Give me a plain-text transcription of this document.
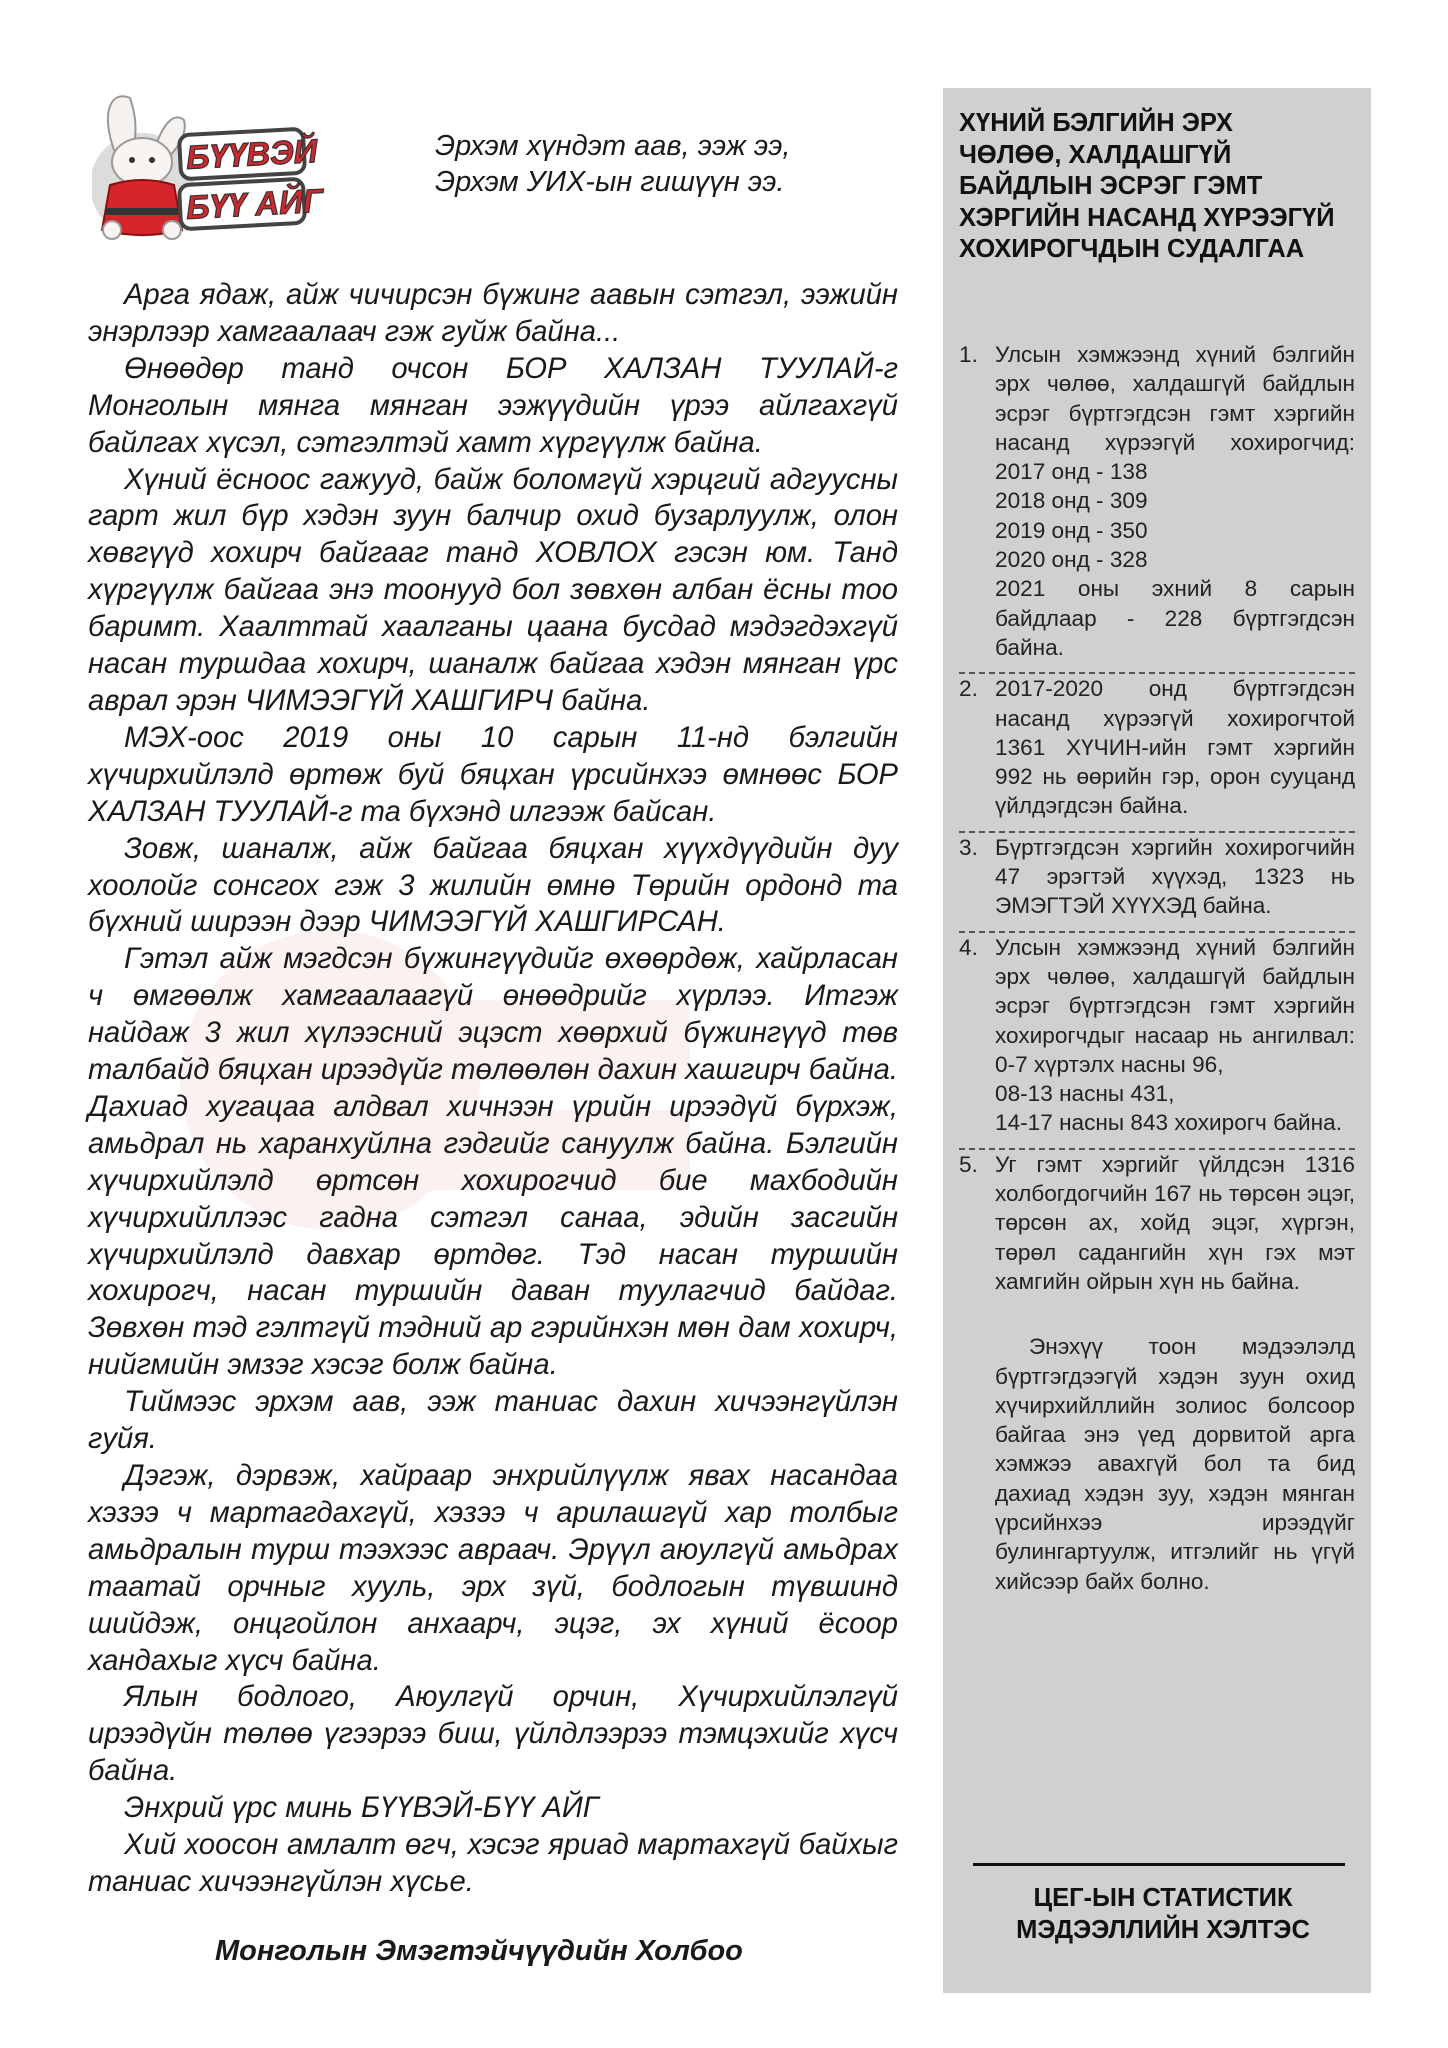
БҮҮВЭЙ
БҮҮ АЙГ
Эрхэм хүндэт аав, ээж ээ,
Эрхэм УИХ-ын гишүүн ээ.

Арга ядаж, айж чичирсэн бүжинг аавын сэтгэл, ээжийн энэрлээр хамгаалаач гэж гуйж байна...

Өнөөдөр танд очсон БОР ХАЛЗАН ТУУЛАЙ-г Монголын мянга мянган ээжүүдийн үрээ айлгахгүй байлгах хүсэл, сэтгэлтэй хамт хүргүүлж байна.

Хүний ёсноос гажууд, байж боломгүй хэрцгий адгуусны гарт жил бүр хэдэн зуун балчир охид бузарлуулж, олон хөвгүүд хохирч байгааг танд ХОВЛОХ гэсэн юм. Танд хүргүүлж байгаа энэ тоонууд бол зөвхөн албан ёсны тоо баримт. Хаалттай хаалганы цаана бусдад мэдэгдэхгүй насан туршдаа хохирч, шаналж байгаа хэдэн мянган үрс аврал эрэн ЧИМЭЭГҮЙ ХАШГИРЧ байна.

МЭХ-оос 2019 оны 10 сарын 11-нд бэлгийн хүчирхийлэлд өртөж буй бяцхан үрсийнхээ өмнөөс БОР ХАЛЗАН ТУУЛАЙ-г та бүхэнд илгээж байсан.

Зовж, шаналж, айж байгаа бяцхан хүүхдүүдийн дуу хоолойг сонсгох гэж 3 жилийн өмнө Төрийн ордонд та бүхний ширээн дээр ЧИМЭЭГҮЙ ХАШГИРСАН.

Гэтэл айж мэгдсэн бүжингүүдийг өхөөрдөж, хайрласан ч өмгөөлж хамгаалаагүй өнөөдрийг хүрлээ. Итгэж найдаж 3 жил хүлээсний эцэст хөөрхий бүжингүүд төв талбайд бяцхан ирээдүйг төлөөлөн дахин хашгирч байна. Дахиад хугацаа алдвал хичнээн үрийн ирээдүй бүрхэж, амьдрал нь харанхуйлна гэдгийг сануулж байна. Бэлгийн хүчирхийлэлд өртсөн хохирогчид бие махбодийн хүчирхийллээс гадна сэтгэл санаа, эдийн засгийн хүчирхийлэлд давхар өртдөг. Тэд насан туршийн хохирогч, насан туршийн даван туулагчид байдаг. Зөвхөн тэд гэлтгүй тэдний ар гэрийнхэн мөн дам хохирч, нийгмийн эмзэг хэсэг болж байна.

Тиймээс эрхэм аав, ээж таниас дахин хичээнгүйлэн гуйя.

Дэгэж, дэрвэж, хайраар энхрийлүүлж явах насандаа хэзээ ч мартагдахгүй, хэзээ ч арилашгүй хар толбыг амьдралын турш тээхээс авраач. Эрүүл аюулгүй амьдрах таатай орчныг хууль, эрх зүй, бодлогын түвшинд шийдэж, онцгойлон анхаарч, эцэг, эх хүний ёсоор хандахыг хүсч байна.

Ялын бодлого, Аюулгүй орчин, Хүчирхийлэлгүй ирээдүйн төлөө үгээрээ биш, үйлдлээрээ тэмцэхийг хүсч байна.

Энхрий үрс минь БҮҮВЭЙ-БҮҮ АЙГ

Хий хоосон амлалт өгч, хэсэг яриад мартахгүй байхыг таниас хичээнгүйлэн хүсье.

Монголын Эмэгтэйчүүдийн Холбоо
ХҮНИЙ БЭЛГИЙН ЭРХ
ЧӨЛӨӨ, ХАЛДАШГҮЙ
БАЙДЛЫН ЭСРЭГ ГЭМТ
ХЭРГИЙН НАСАНД ХҮРЭЭГҮЙ
ХОХИРОГЧДЫН СУДАЛГАА
1. Улсын хэмжээнд хүний бэлгийн эрх чөлөө, халдашгүй байдлын эсрэг бүртгэгдсэн гэмт хэргийн насанд хүрээгүй хохирогчид:
2017 онд - 138
2018 онд - 309
2019 онд - 350
2020 онд - 328
2021 оны эхний 8 сарын байдлаар - 228 бүртгэгдсэн байна.
2. 2017-2020 онд бүртгэгдсэн насанд хүрээгүй хохирогчтой 1361 ХҮЧИН-ийн гэмт хэргийн 992 нь өөрийн гэр, орон сууцанд үйлдэгдсэн байна.
3. Бүртгэгдсэн хэргийн хохирогчийн 47 эрэгтэй хүүхэд, 1323 нь ЭМЭГТЭЙ ХҮҮХЭД байна.
4. Улсын хэмжээнд хүний бэлгийн эрх чөлөө, халдашгүй байдлын эсрэг бүртгэгдсэн гэмт хэргийн хохирогчдыг насаар нь ангилвал:
0-7 хүртэлх насны 96,
08-13 насны 431,
14-17 насны 843 хохирогч байна.
5. Уг гэмт хэргийг үйлдсэн 1316 холбогдогчийн 167 нь төрсөн эцэг, төрсөн ах, хойд эцэг, хүргэн, төрөл садангийн хүн гэх мэт хамгийн ойрын хүн нь байна.
Энэхүү тоон мэдээлэлд бүртгэгдээгүй хэдэн зуун охид хүчирхийллийн золиос болсоор байгаа энэ үед дорвитой арга хэмжээ авахгүй бол та бид дахиад хэдэн зуу, хэдэн мянган үрсийнхээ ирээдүйг булингартуулж, итгэлийг нь үгүй хийсээр байх болно.
ЦЕГ-ЫН СТАТИСТИК
МЭДЭЭЛЛИЙН ХЭЛТЭС
